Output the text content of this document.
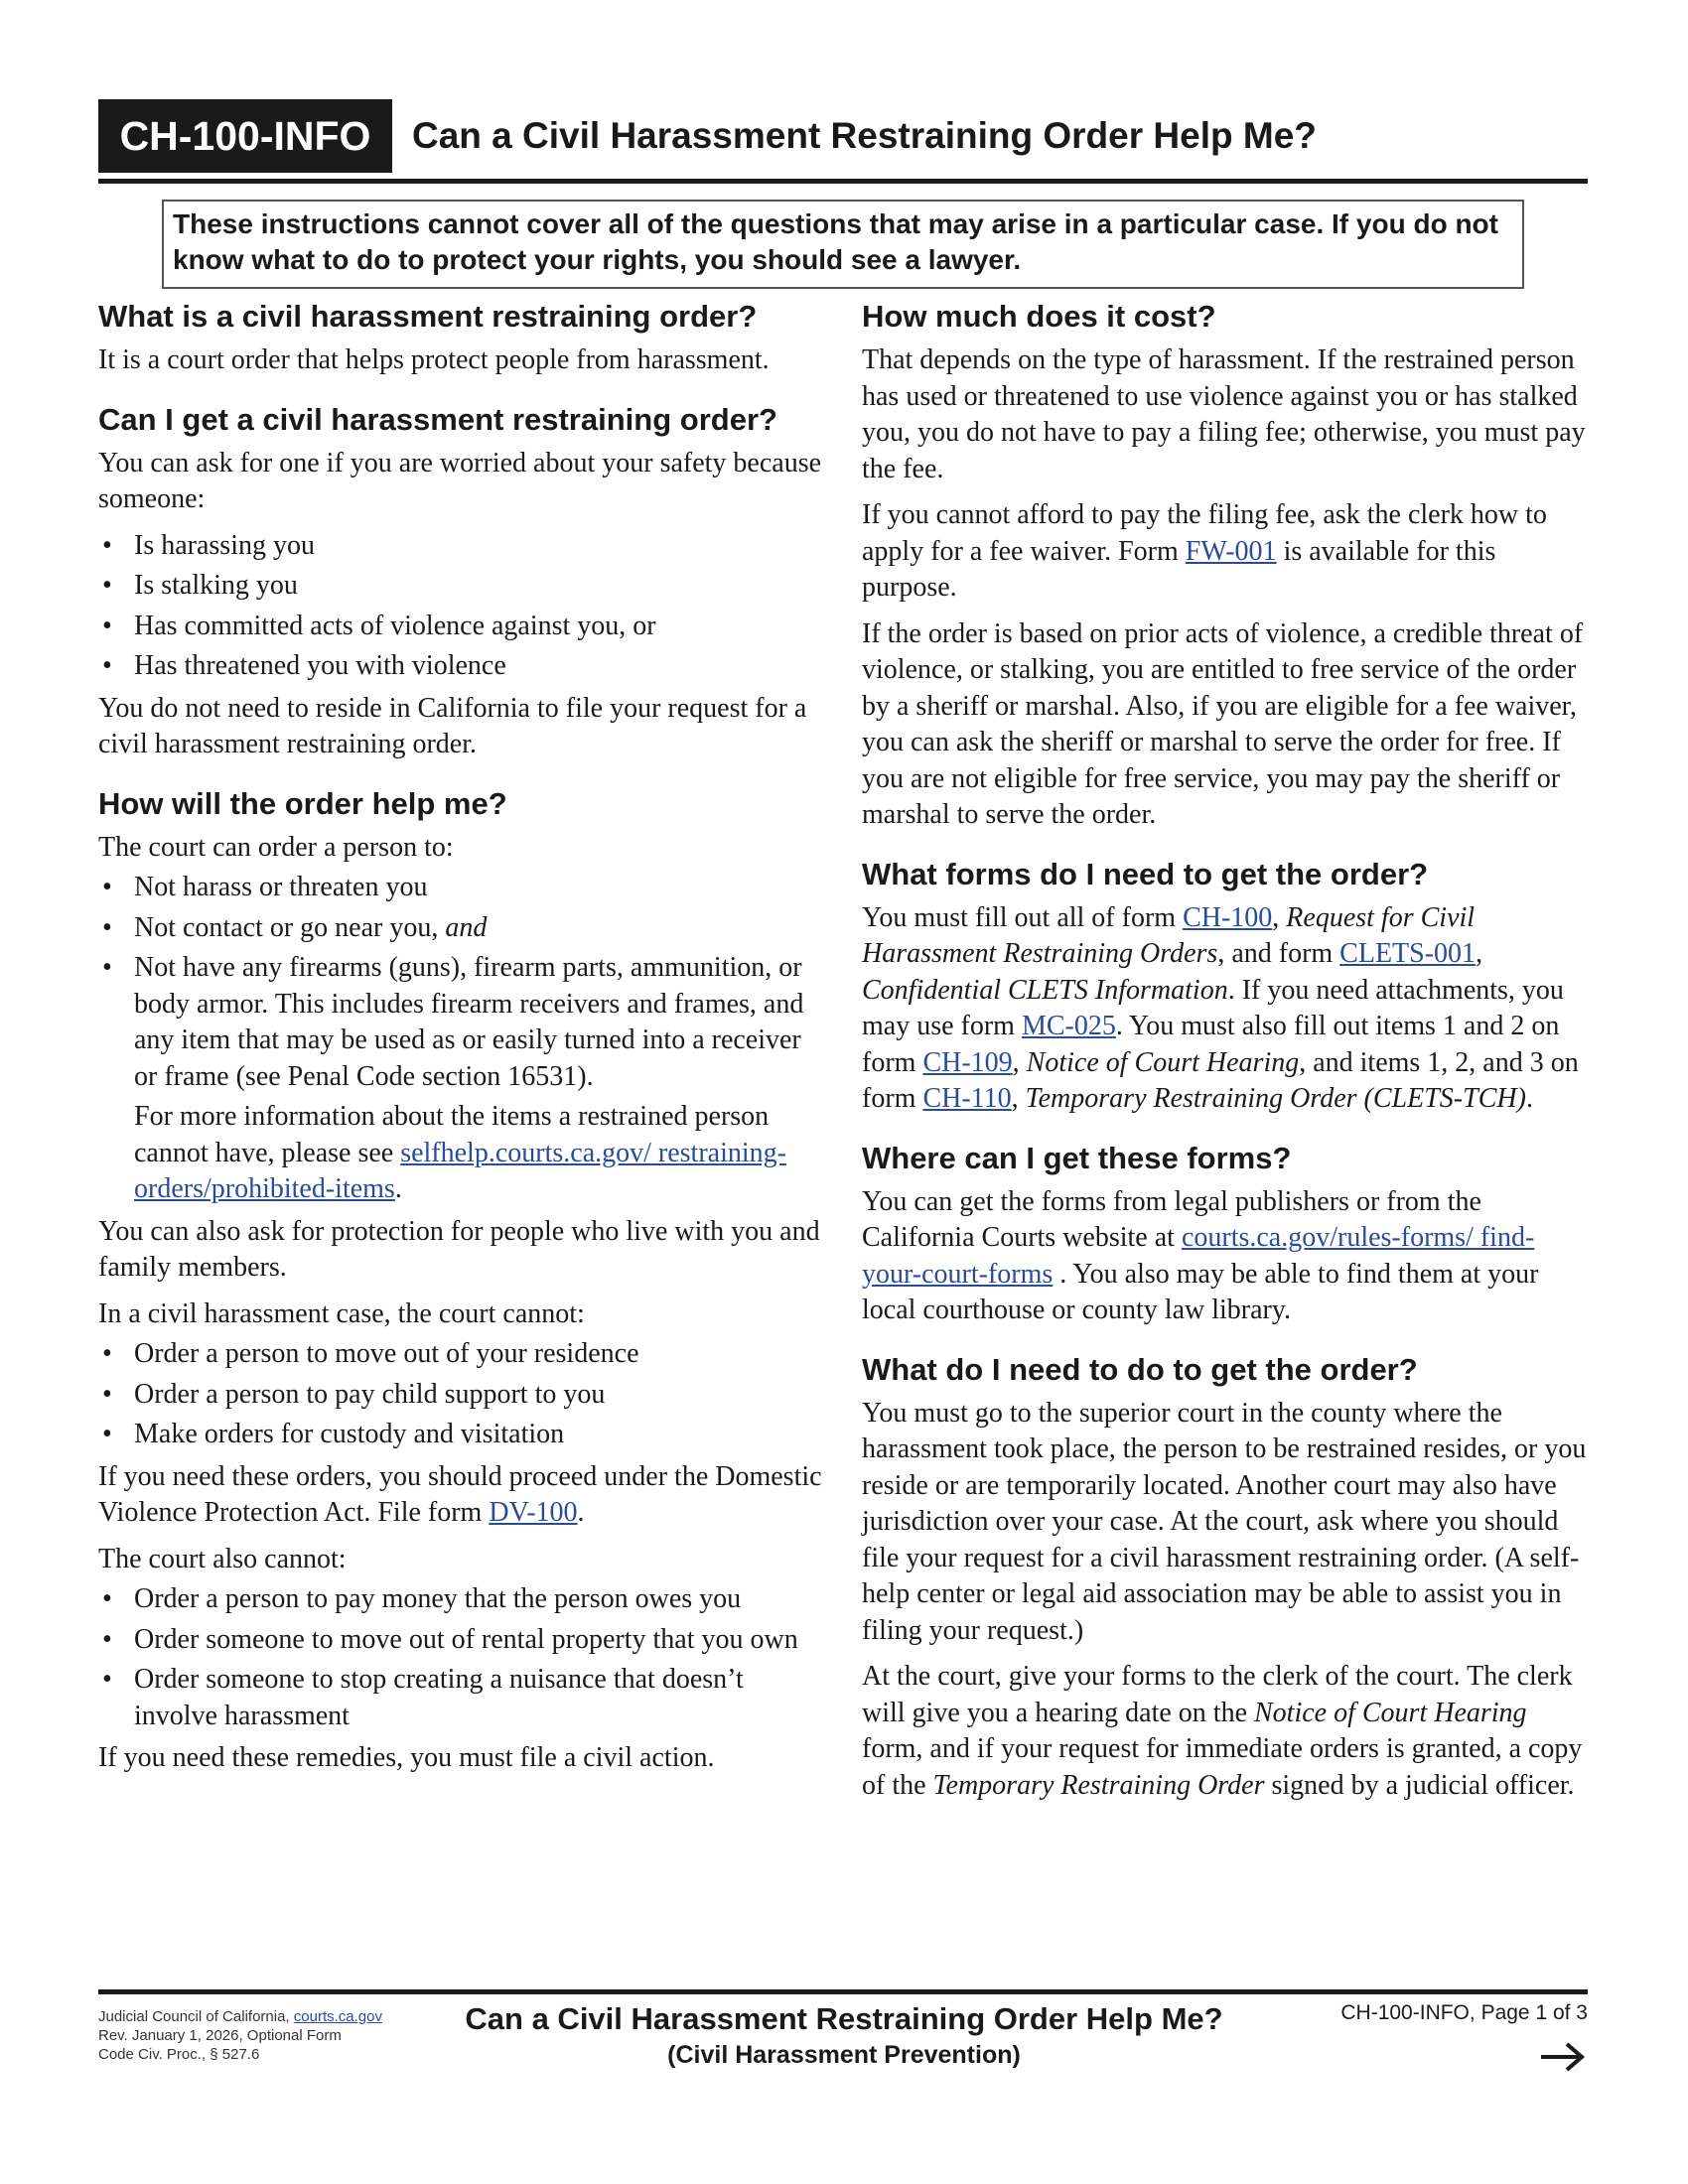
CH-100-INFO	Can a Civil Harassment Restraining Order Help Me?
These instructions cannot cover all of the questions that may arise in a particular case. If you do not know what to do to protect your rights, you should see a lawyer.
What is a civil harassment restraining order?

It is a court order that helps protect people from harassment.

Can I get a civil harassment restraining order?

You can ask for one if you are worried about your safety because someone:

• Is harassing you
• Is stalking you
• Has committed acts of violence against you, or
• Has threatened you with violence

You do not need to reside in California to file your request for a civil harassment restraining order.

How will the order help me?

The court can order a person to:

• Not harass or threaten you
• Not contact or go near you, and
• Not have any firearms (guns), firearm parts, ammunition, or body armor. This includes firearm receivers and frames, and any item that may be used as or easily turned into a receiver or frame (see Penal Code section 16531).
For more information about the items a restrained person cannot have, please see selfhelp.courts.ca.gov/ restraining-orders/prohibited-items.

You can also ask for protection for people who live with you and family members.

In a civil harassment case, the court cannot:

• Order a person to move out of your residence
• Order a person to pay child support to you
• Make orders for custody and visitation

If you need these orders, you should proceed under the Domestic Violence Protection Act. File form DV-100.

The court also cannot:

• Order a person to pay money that the person owes you
• Order someone to move out of rental property that you own
• Order someone to stop creating a nuisance that doesn’t involve harassment

If you need these remedies, you must file a civil action.

How much does it cost?

That depends on the type of harassment. If the restrained person has used or threatened to use violence against you or has stalked you, you do not have to pay a filing fee; otherwise, you must pay the fee.

If you cannot afford to pay the filing fee, ask the clerk how to apply for a fee waiver. Form FW-001 is available for this purpose.

If the order is based on prior acts of violence, a credible threat of violence, or stalking, you are entitled to free service of the order by a sheriff or marshal. Also, if you are eligible for a fee waiver, you can ask the sheriff or marshal to serve the order for free. If you are not eligible for free service, you may pay the sheriff or marshal to serve the order.

What forms do I need to get the order?

You must fill out all of form CH-100, Request for Civil Harassment Restraining Orders, and form CLETS-001, Confidential CLETS Information. If you need attachments, you may use form MC-025. You must also fill out items 1 and 2 on form CH-109, Notice of Court Hearing, and items 1, 2, and 3 on form CH-110, Temporary Restraining Order (CLETS-TCH).

Where can I get these forms?

You can get the forms from legal publishers or from the California Courts website at courts.ca.gov/rules-forms/ find-your-court-forms . You also may be able to find them at your local courthouse or county law library.

What do I need to do to get the order?

You must go to the superior court in the county where the harassment took place, the person to be restrained resides, or you reside or are temporarily located. Another court may also have jurisdiction over your case. At the court, ask where you should file your request for a civil harassment restraining order. (A self-help center or legal aid association may be able to assist you in filing your request.)

At the court, give your forms to the clerk of the court. The clerk will give you a hearing date on the Notice of Court Hearing form, and if your request for immediate orders is granted, a copy of the Temporary Restraining Order signed by a judicial officer.

Judicial Council of California, courts.ca.gov
Rev. January 1, 2026, Optional Form
Code Civ. Proc., § 527.6
Can a Civil Harassment Restraining Order Help Me?
(Civil Harassment Prevention)
CH-100-INFO, Page 1 of 3
